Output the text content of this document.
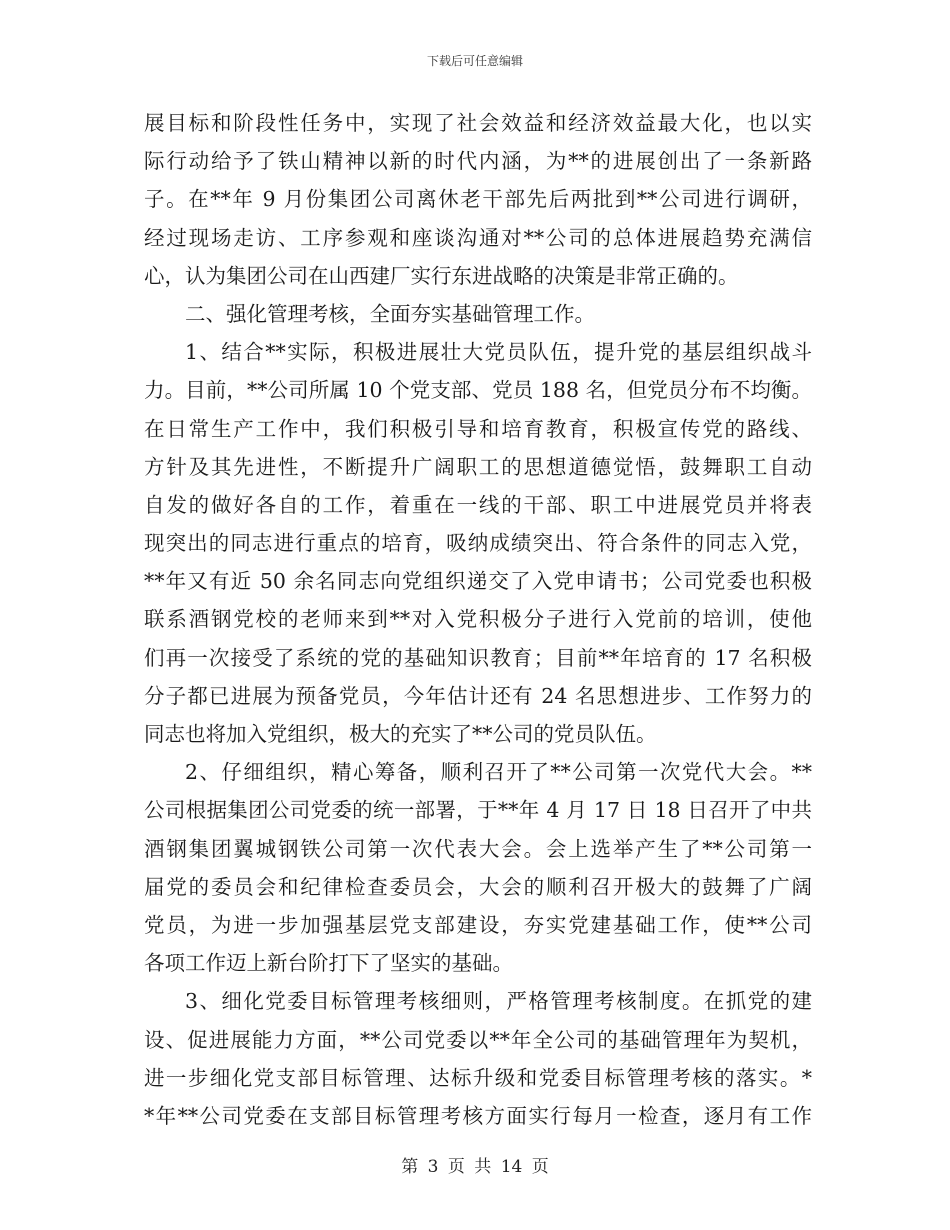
下载后可任意编辑
展目标和阶段性任务中，实现了社会效益和经济效益最大化，也以实
际行动给予了铁山精神以新的时代内涵，为**的进展创出了一条新路
子。在**年 9 月份集团公司离休老干部先后两批到**公司进行调研，
经过现场走访、工序参观和座谈沟通对**公司的总体进展趋势充满信
心，认为集团公司在山西建厂实行东进战略的决策是非常正确的。
二、强化管理考核，全面夯实基础管理工作。
1、结合**实际，积极进展壮大党员队伍，提升党的基层组织战斗
力。目前，**公司所属 10 个党支部、党员 188 名，但党员分布不均衡。
在日常生产工作中，我们积极引导和培育教育，积极宣传党的路线、
方针及其先进性，不断提升广阔职工的思想道德觉悟，鼓舞职工自动
自发的做好各自的工作，着重在一线的干部、职工中进展党员并将表
现突出的同志进行重点的培育，吸纳成绩突出、符合条件的同志入党，
**年又有近 50 余名同志向党组织递交了入党申请书；公司党委也积极
联系酒钢党校的老师来到**对入党积极分子进行入党前的培训，使他
们再一次接受了系统的党的基础知识教育；目前**年培育的 17 名积极
分子都已进展为预备党员，今年估计还有 24 名思想进步、工作努力的
同志也将加入党组织，极大的充实了**公司的党员队伍。
2、仔细组织，精心筹备，顺利召开了**公司第一次党代大会。**
公司根据集团公司党委的统一部署，于**年 4 月 17 日 18 日召开了中共
酒钢集团翼城钢铁公司第一次代表大会。会上选举产生了**公司第一
届党的委员会和纪律检查委员会，大会的顺利召开极大的鼓舞了广阔
党员，为进一步加强基层党支部建设，夯实党建基础工作，使**公司
各项工作迈上新台阶打下了坚实的基础。
3、细化党委目标管理考核细则，严格管理考核制度。在抓党的建
设、促进展能力方面，**公司党委以**年全公司的基础管理年为契机，
进一步细化党支部目标管理、达标升级和党委目标管理考核的落实。*
*年**公司党委在支部目标管理考核方面实行每月一检查，逐月有工作
第 3 页 共 14 页
